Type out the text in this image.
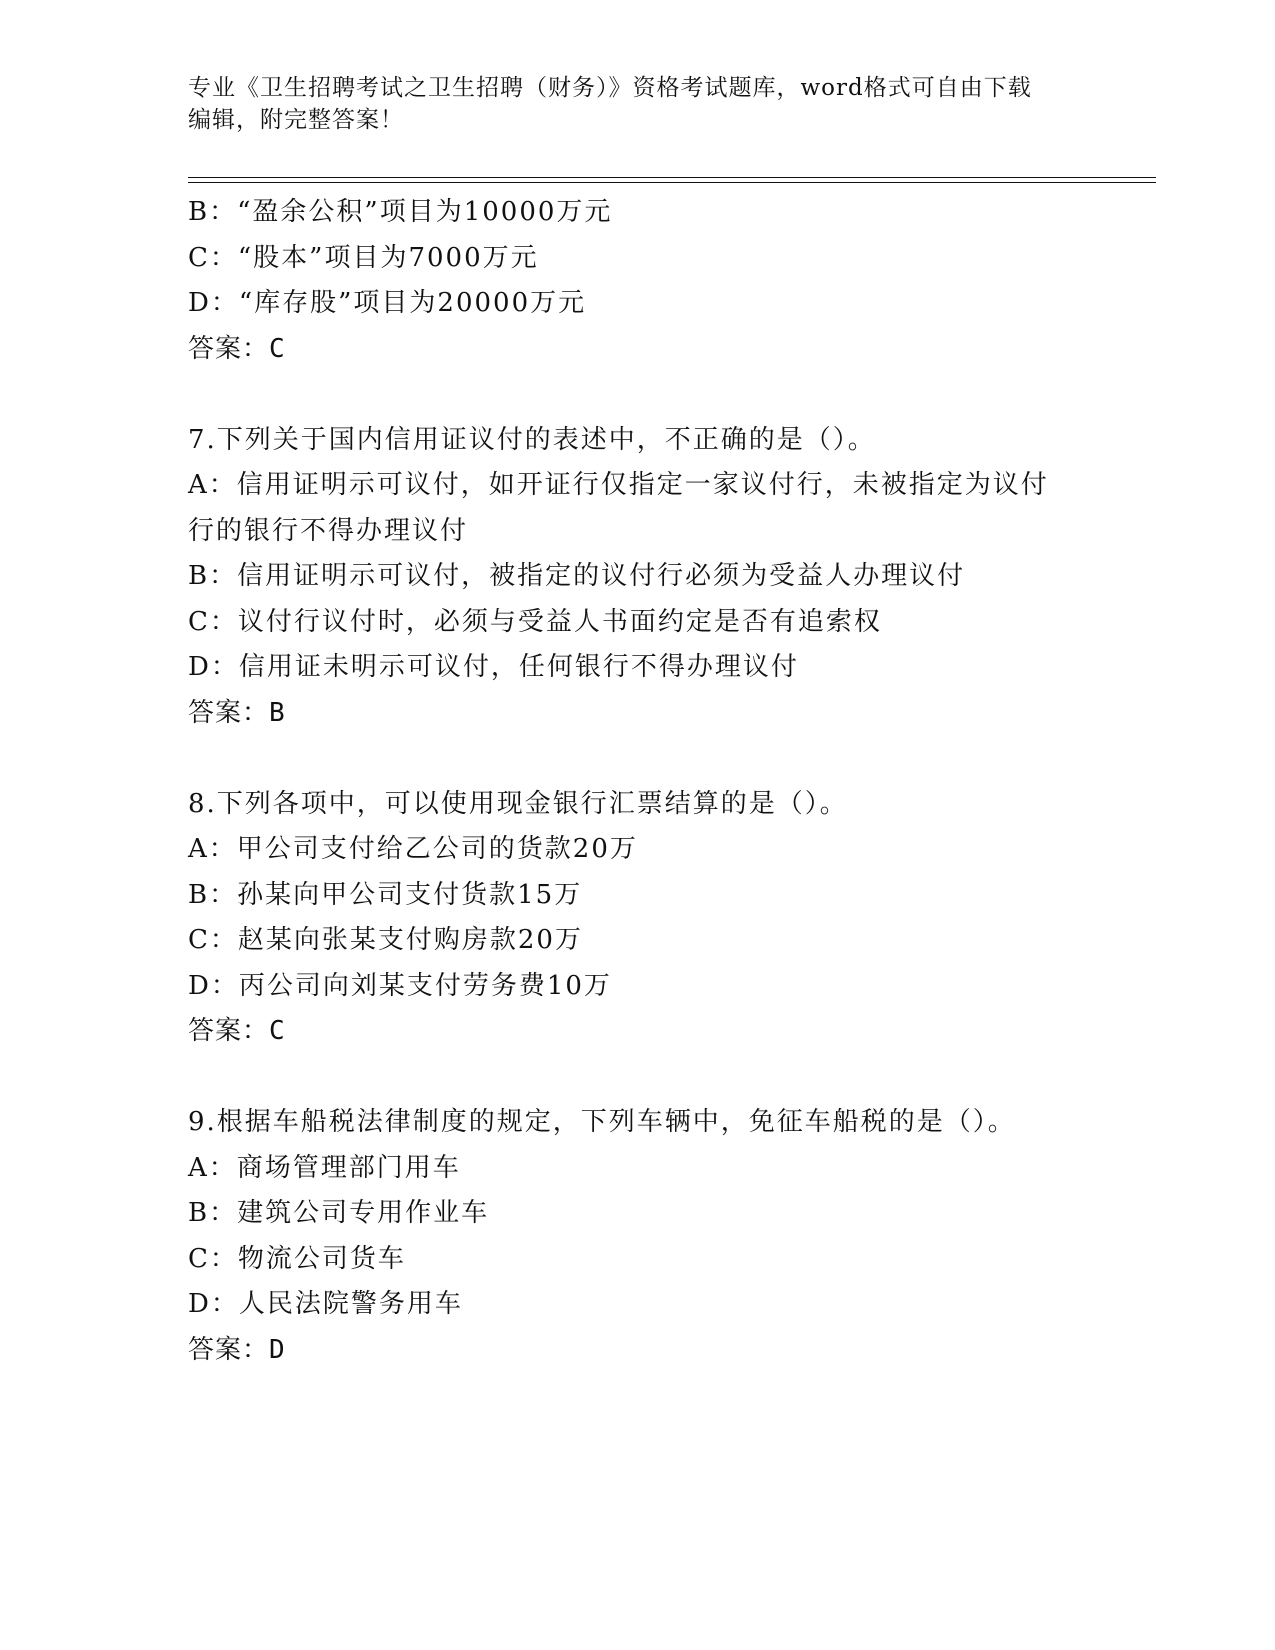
专业《卫生招聘考试之卫生招聘（财务）》资格考试题库，word格式可自由下载
编辑，附完整答案！
B：“盈余公积”项目为10000万元
C：“股本”项目为7000万元
D：“库存股”项目为20000万元
答案：C
7.下列关于国内信用证议付的表述中，不正确的是（）。
A：信用证明示可议付，如开证行仅指定一家议付行，未被指定为议付
行的银行不得办理议付
B：信用证明示可议付，被指定的议付行必须为受益人办理议付
C：议付行议付时，必须与受益人书面约定是否有追索权
D：信用证未明示可议付，任何银行不得办理议付
答案：B
8.下列各项中，可以使用现金银行汇票结算的是（）。
A：甲公司支付给乙公司的货款20万
B：孙某向甲公司支付货款15万
C：赵某向张某支付购房款20万
D：丙公司向刘某支付劳务费10万
答案：C
9.根据车船税法律制度的规定，下列车辆中，免征车船税的是（）。
A：商场管理部门用车
B：建筑公司专用作业车
C：物流公司货车
D：人民法院警务用车
答案：D
